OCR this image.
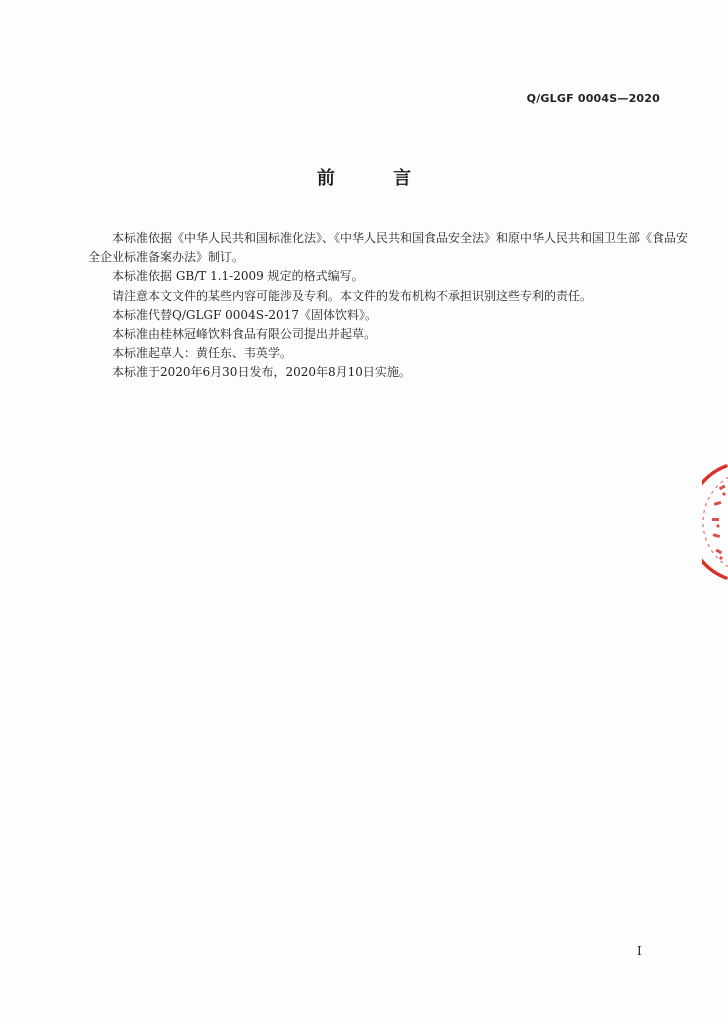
Q/GLGF 0004S—2020
前 言

本标准依据《中华人民共和国标准化法》、《中华人民共和国食品安全法》和原中华人民共和国卫生部《食品安全企业标准备案办法》制订。

本标准依据 GB/T 1.1-2009 规定的格式编写。

请注意本文文件的某些内容可能涉及专利。本文件的发布机构不承担识别这些专利的责任。

本标准代替Q/GLGF 0004S-2017《固体饮料》。

本标准由桂林冠峰饮料食品有限公司提出并起草。

本标准起草人：黄任东、韦英学。

本标准于2020年6月30日发布，2020年8月10日实施。

I
